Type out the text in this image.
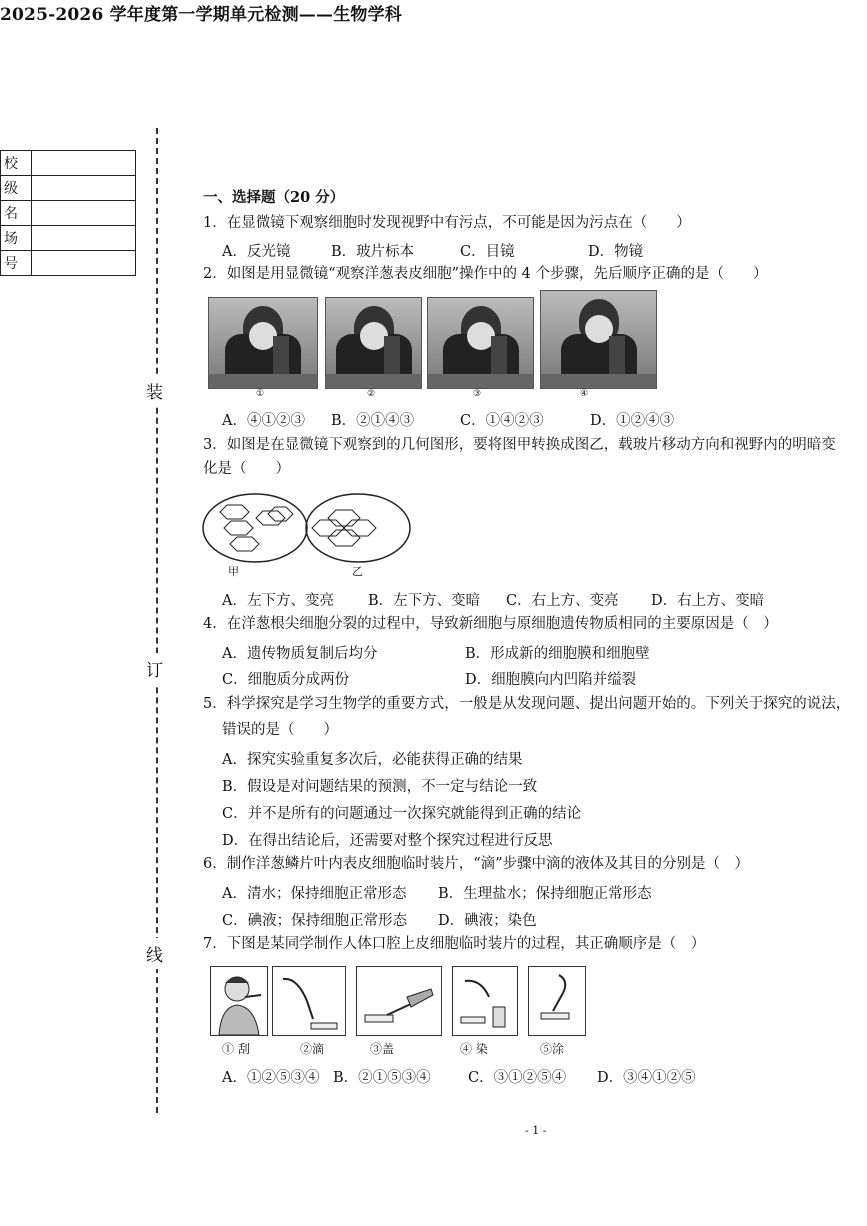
2025-2026 学年度第一学期单元检测——生物学科
校	
级	
名	
场	
号	
装
订
线
一、选择题（20 分）
1．在显微镜下观察细胞时发现视野中有污点，不可能是因为污点在（　　）
A．反光镜	B．玻片标本	C．目镜	D．物镜
2．如图是用显微镜“观察洋葱表皮细胞”操作中的 4 个步骤，先后顺序正确的是（　　）
①	②	③	④
A．④①②③ B．②①④③	C．①④②③	D．①②④③
3．如图是在显微镜下观察到的几何图形，要将图甲转换成图乙，载玻片移动方向和视野内的明暗变
化是（　　）
甲	乙
A．左下方、变亮 B．左下方、变暗 C．右上方、变亮 D．右上方、变暗
4．在洋葱根尖细胞分裂的过程中，导致新细胞与原细胞遗传物质相同的主要原因是（　）
A．遗传物质复制后均分	B．形成新的细胞膜和细胞壁
C．细胞质分成两份	D．细胞膜向内凹陷并缢裂
5．科学探究是学习生物学的重要方式，一般是从发现问题、提出问题开始的。下列关于探究的说法，
错误的是（　　）
A．探究实验重复多次后，必能获得正确的结果
B．假设是对问题结果的预测，不一定与结论一致
C．并不是所有的问题通过一次探究就能得到正确的结论
D．在得出结论后，还需要对整个探究过程进行反思
6．制作洋葱鳞片叶内表皮细胞临时装片，“滴”步骤中滴的液体及其目的分别是（　）
A．清水；保持细胞正常形态 B．生理盐水；保持细胞正常形态
C．碘液；保持细胞正常形态 D．碘液；染色
7．下图是某同学制作人体口腔上皮细胞临时装片的过程，其正确顺序是（　）
① 刮	②滴	③盖	④ 染	⑤涂
A．①②⑤③④ B．②①⑤③④	C．③①②⑤④ D．③④①②⑤
- 1 -
